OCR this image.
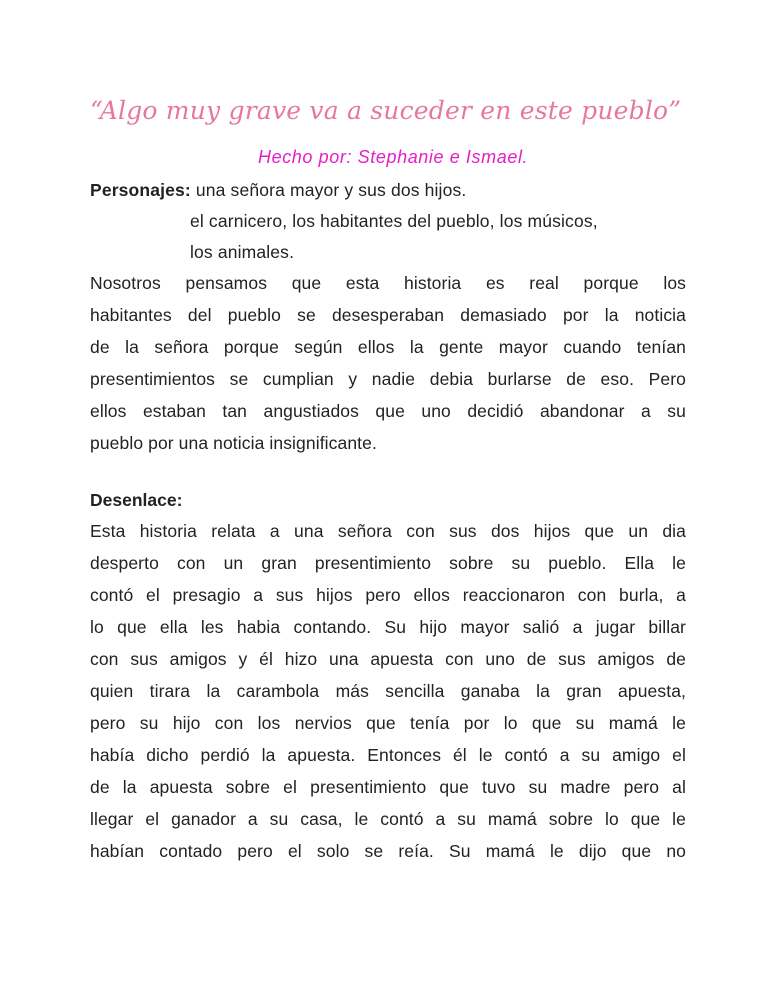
“Algo muy grave va a suceder en este pueblo”
Hecho por: Stephanie e Ismael.
Personajes: una señora mayor y sus dos hijos.
el carnicero, los habitantes del pueblo, los músicos,
los animales.
Nosotros pensamos que esta historia es real porque los
habitantes del pueblo se desesperaban demasiado por la noticia
de la señora porque según ellos la gente mayor cuando tenían
presentimientos se cumplian y nadie debia burlarse de eso. Pero
ellos estaban tan angustiados que uno decidió abandonar a su
pueblo por una noticia insignificante.
Desenlace:
Esta historia relata a una señora con sus dos hijos que un dia
desperto con un gran presentimiento sobre su pueblo. Ella le
contó el presagio a sus hijos pero ellos reaccionaron con burla, a
lo que ella les habia contando. Su hijo mayor salió a jugar billar
con sus amigos y él hizo una apuesta con uno de sus amigos de
quien tirara la carambola más sencilla ganaba la gran apuesta,
pero su hijo con los nervios que tenía por lo que su mamá le
había dicho perdió la apuesta. Entonces él le contó a su amigo el
de la apuesta sobre el presentimiento que tuvo su madre pero al
llegar el ganador a su casa, le contó a su mamá sobre lo que le
habían contado pero el solo se reía. Su mamá le dijo que no
